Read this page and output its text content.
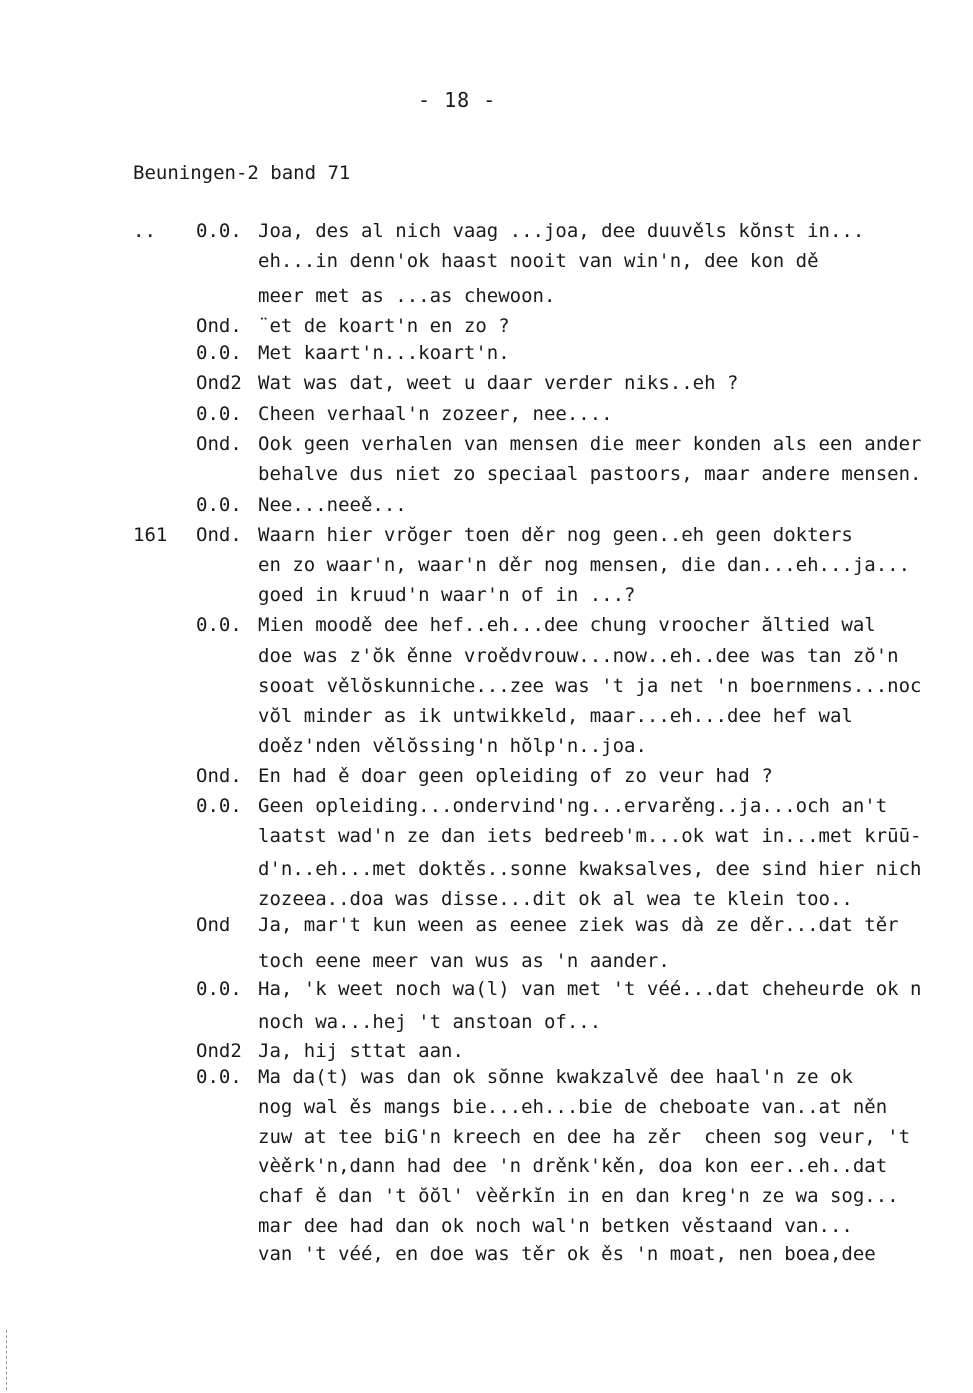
- 18 -
Beuningen-2 band 71
.. 0.0. Joa, des al nich vaag ...joa, dee duuvěls kŏnst in...
eh...in denn'ok haast nooit van win'n, dee kon dě
meer met as ...as chewoon.
Ond. ¨et de koart'n en zo ?
0.0. Met kaart'n...koart'n.
Ond2 Wat was dat, weet u daar verder niks..eh ?
0.0. Cheen verhaal'n zozeer, nee....
Ond. Ook geen verhalen van mensen die meer konden als een ander
behalve dus niet zo speciaal pastoors, maar andere mensen.
0.0. Nee...neeě...
161 Ond. Waarn hier vrŏger toen děr nog geen..eh geen dokters
en zo waar'n, waar'n děr nog mensen, die dan...eh...ja...
goed in kruud'n waar'n of in ...?
0.0. Mien moodě dee hef..eh...dee chung vroocher ăltied wal
doe was z'ŏk ěnne vroědvrouw...now..eh..dee was tan zŏ'n
sooat vělŏskunniche...zee was 't ja net 'n boernmens...noc
vŏl minder as ik untwikkeld, maar...eh...dee hef wal
doěz'nden vělŏssing'n hŏlp'n..joa.
Ond. En had ě doar geen opleiding of zo veur had ?
0.0. Geen opleiding...ondervind'ng...ervarěng..ja...och an't
laatst wad'n ze dan iets bedreeb'm...ok wat in...met krūū-
d'n..eh...met doktěs..sonne kwaksalves, dee sind hier nich
zozeea..doa was disse...dit ok al wea te klein too..
Ond Ja, mar't kun ween as eenee ziek was dà ze děr...dat těr
toch eene meer van wus as 'n aander.
0.0. Ha, 'k weet noch wa(l) van met 't véé...dat cheheurde ok n
noch wa...hej 't anstoan of...
Ond2 Ja, hij sttat aan.
0.0. Ma da(t) was dan ok sŏnne kwakzalvě dee haal'n ze ok
nog wal ěs mangs bie...eh...bie de cheboate van..at něn
zuw at tee biG'n kreech en dee ha zěr  cheen sog veur, 't
vèěrk'n,dann had dee 'n drěnk'kěn, doa kon eer..eh..dat
chaf ě dan 't ŏŏl' vèěrkĭn in en dan kreg'n ze wa sog...
mar dee had dan ok noch wal'n betken věstaand van...
van 't véé, en doe was těr ok ěs 'n moat, nen boea,dee
